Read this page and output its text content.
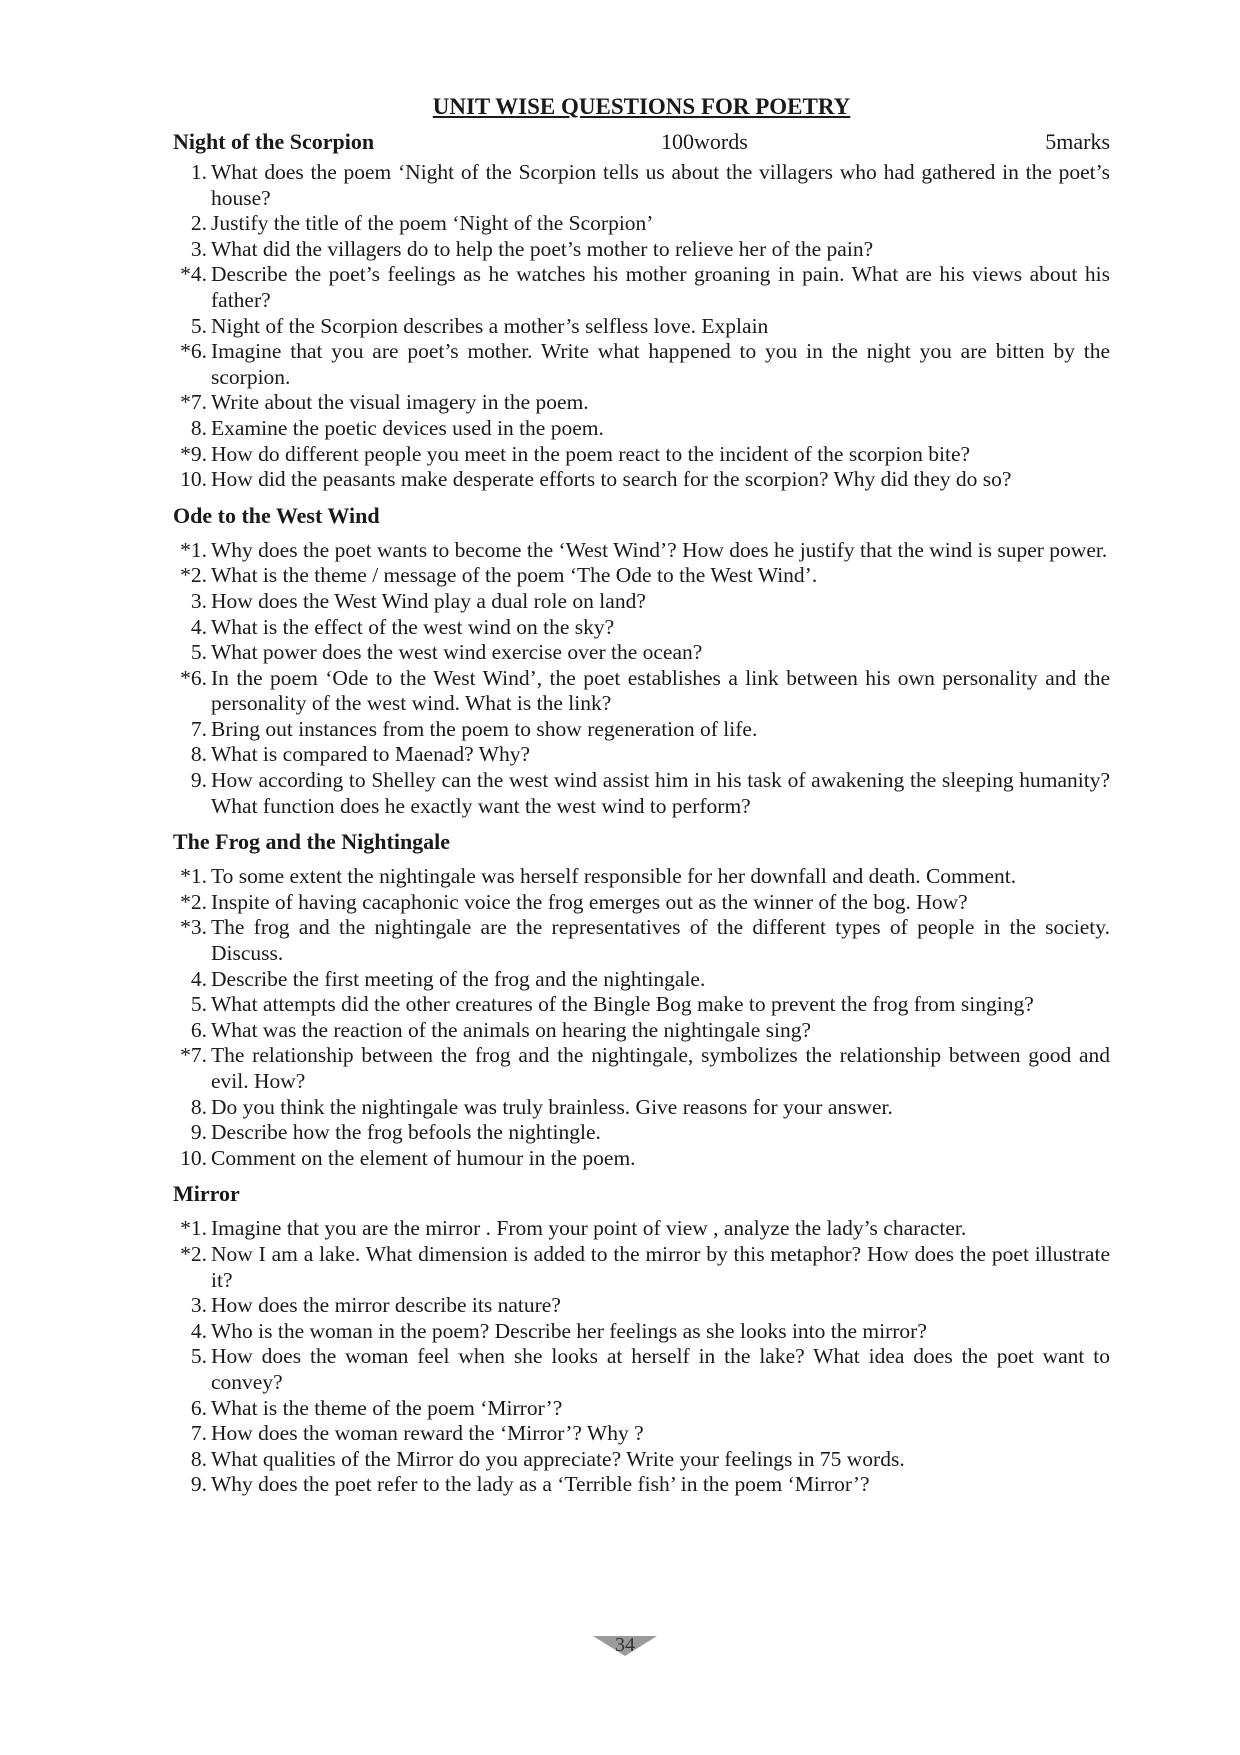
UNIT WISE QUESTIONS FOR POETRY
Night of the Scorpion	100words	5marks
1. What does the poem ‘Night of the Scorpion tells us about the villagers who had gathered in the poet’s house?
2. Justify the title of the poem ‘Night of the Scorpion’
3. What did the villagers do to help the poet’s mother to relieve her of the pain?
*4. Describe the poet’s feelings as he watches his mother groaning in pain. What are his views about his father?
5. Night of the Scorpion describes a mother’s selfless love. Explain
*6. Imagine that you are poet’s mother. Write what happened to you in the night you are bitten by the scorpion.
*7. Write about the visual imagery in the poem.
8. Examine the poetic devices used in the poem.
*9. How do different people you meet in the poem react to the incident of the scorpion bite?
10. How did the peasants make desperate efforts to search for the scorpion? Why did they do so?
Ode to the West Wind
*1. Why does the poet wants to become the ‘West Wind’? How does he justify that the wind is super power.
*2. What is the theme / message of the poem ‘The Ode to the West Wind’.
3. How does the West Wind play a dual role on land?
4. What is the effect of the west wind on the sky?
5. What power does the west wind exercise over the ocean?
*6. In the poem ‘Ode to the West Wind’, the poet establishes a link between his own personality and the personality of the west wind. What is the link?
7. Bring out instances from the poem to show regeneration of life.
8. What is compared to Maenad? Why?
9. How according to Shelley can the west wind assist him in his task of awakening the sleeping humanity? What function does he exactly want the west wind to perform?
The Frog and the Nightingale
*1. To some extent the nightingale was herself responsible for her downfall and death. Comment.
*2. Inspite of having cacaphonic voice the frog emerges out as the winner of the bog. How?
*3. The frog and the nightingale are the representatives of the different types of people in the society. Discuss.
4. Describe the first meeting of the frog and the nightingale.
5. What attempts did the other creatures of the Bingle Bog make to prevent the frog from singing?
6. What was the reaction of the animals on hearing the nightingale sing?
*7. The relationship between the frog and the nightingale, symbolizes the relationship between good and evil. How?
8. Do you think the nightingale was truly brainless. Give reasons for your answer.
9. Describe how the frog befools the nightingle.
10. Comment on the element of humour in the poem.
Mirror
*1. Imagine that you are the mirror . From your point of view , analyze the lady’s character.
*2. Now I am a lake. What dimension is added to the mirror by this metaphor? How does the poet illustrate it?
3. How does the mirror describe its nature?
4. Who is the woman in the poem? Describe her feelings as she looks into the mirror?
5. How does the woman feel when she looks at herself in the lake? What idea does the poet want to convey?
6. What is the theme of the poem ‘Mirror’?
7. How does the woman reward the ‘Mirror’? Why ?
8. What qualities of the Mirror do you appreciate? Write your feelings in 75 words.
9. Why does the poet refer to the lady as a ‘Terrible fish’ in the poem ‘Mirror’?
34
